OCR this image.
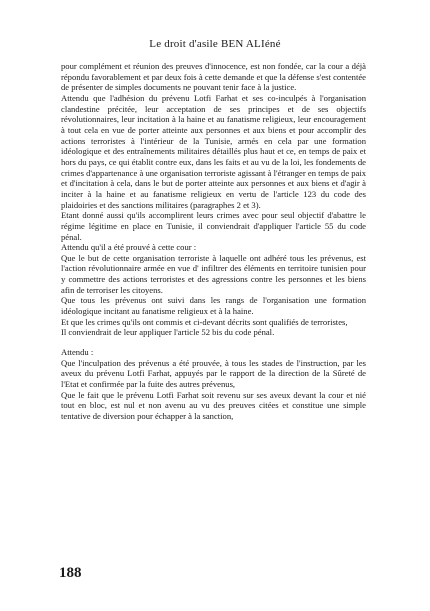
Le droit d'asile BEN ALIéné

pour complément et réunion des preuves d'innocence, est non fondée, car la cour a déjà répondu favorablement et par deux fois à cette demande et que la défense s'est contentée de présenter de simples documents ne pouvant tenir face à la justice.

Attendu que l'adhésion du prévenu Lotfi Farhat et ses co-inculpés à l'organisation clandestine précitée, leur acceptation de ses principes et de ses objectifs révolutionnaires, leur incitation à la haine et au fanatisme religieux, leur encouragement à tout cela en vue de porter atteinte aux personnes et aux biens et pour accomplir des actions terroristes à l'intérieur de la Tunisie, armés en cela par une formation idéologique et des entraînements militaires détaillés plus haut et ce, en temps de paix et hors du pays, ce qui établit contre eux, dans les faits et au vu de la loi, les fondements de crimes d'appartenance à une organisation terroriste agissant à l'étranger en temps de paix et d'incitation à cela, dans le but de porter atteinte aux personnes et aux biens et d'agir à inciter à la haine et au fanatisme religieux en vertu de l'article 123 du code des plaidoiries et des sanctions militaires (paragraphes 2 et 3).

Etant donné aussi qu'ils accomplirent leurs crimes avec pour seul objectif d'abattre le régime légitime en place en Tunisie, il conviendrait d'appliquer l'article 55 du code pénal.

Attendu qu'il a été prouvé à cette cour :

Que le but de cette organisation terroriste à laquelle ont adhéré tous les prévenus, est l'action révolutionnaire armée en vue d' infiltrer des éléments en territoire tunisien pour y commettre des actions terroristes et des agressions contre les personnes et les biens afin de terroriser les citoyens.

Que tous les prévenus ont suivi dans les rangs de l'organisation une formation idéologique incitant au fanatisme religieux et à la haine.

Et que les crimes qu'ils ont commis et ci-devant décrits sont qualifiés de terroristes,

Il conviendrait de leur appliquer l'article 52 bis du code pénal.

Attendu :

Que l'inculpation des prévenus a été prouvée, à tous les stades de l'instruction, par les aveux du prévenu Lotfi Farhat, appuyés par le rapport de la direction de la Sûreté de l'Etat et confirmée par la fuite des autres prévenus,

Que le fait que le prévenu Lotfi Farhat soit revenu sur ses aveux devant la cour et nié tout en bloc, est nul et non avenu au vu des preuves citées et constitue une simple tentative de diversion pour échapper à la sanction,

188
